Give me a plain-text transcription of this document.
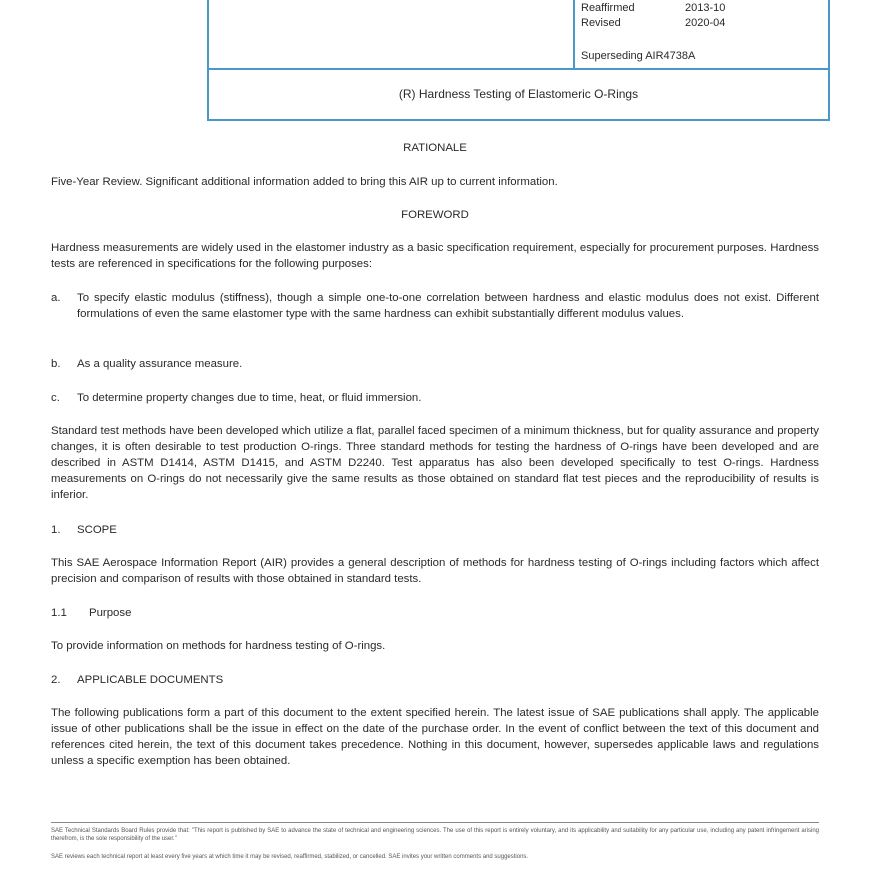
Reaffirmed	2013-10
Revised	2020-04
Superseding AIR4738A
(R) Hardness Testing of Elastomeric O-Rings
RATIONALE
Five-Year Review. Significant additional information added to bring this AIR up to current information.
FOREWORD
Hardness measurements are widely used in the elastomer industry as a basic specification requirement, especially for procurement purposes. Hardness tests are referenced in specifications for the following purposes:
a.	To specify elastic modulus (stiffness), though a simple one-to-one correlation between hardness and elastic modulus does not exist. Different formulations of even the same elastomer type with the same hardness can exhibit substantially different modulus values.
b.	As a quality assurance measure.
c.	To determine property changes due to time, heat, or fluid immersion.
Standard test methods have been developed which utilize a flat, parallel faced specimen of a minimum thickness, but for quality assurance and property changes, it is often desirable to test production O-rings. Three standard methods for testing the hardness of O-rings have been developed and are described in ASTM D1414, ASTM D1415, and ASTM D2240. Test apparatus has also been developed specifically to test O-rings. Hardness measurements on O-rings do not necessarily give the same results as those obtained on standard flat test pieces and the reproducibility of results is inferior.
1.	SCOPE
This SAE Aerospace Information Report (AIR) provides a general description of methods for hardness testing of O-rings including factors which affect precision and comparison of results with those obtained in standard tests.
1.1	Purpose
To provide information on methods for hardness testing of O-rings.
2.	APPLICABLE DOCUMENTS
The following publications form a part of this document to the extent specified herein. The latest issue of SAE publications shall apply. The applicable issue of other publications shall be the issue in effect on the date of the purchase order. In the event of conflict between the text of this document and references cited herein, the text of this document takes precedence. Nothing in this document, however, supersedes applicable laws and regulations unless a specific exemption has been obtained.
SAE Technical Standards Board Rules provide that: "This report is published by SAE to advance the state of technical and engineering sciences. The use of this report is entirely voluntary, and its applicability and suitability for any particular use, including any patent infringement arising therefrom, is the sole responsibility of the user."
SAE reviews each technical report at least every five years at which time it may be revised, reaffirmed, stabilized, or cancelled. SAE invites your written comments and suggestions.
